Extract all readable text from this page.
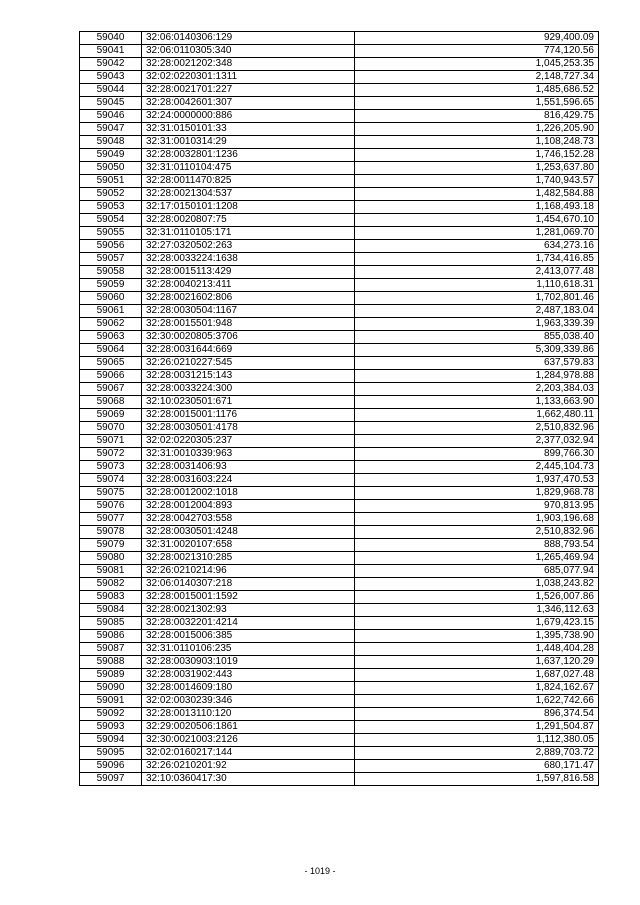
59040	32:06:0140306:129	929,400.09
59041	32:06:0110305:340	774,120.56
59042	32:28:0021202:348	1,045,253.35
59043	32:02:0220301:1311	2,148,727.34
59044	32:28:0021701:227	1,485,686.52
59045	32:28:0042601:307	1,551,596.65
59046	32:24:0000000:886	816,429.75
59047	32:31:0150101:33	1,226,205.90
59048	32:31:0010314:29	1,108,248.73
59049	32:28:0032801:1236	1,746,152.28
59050	32:31:0110104:475	1,253,637.80
59051	32:28:0011470:825	1,740,943.57
59052	32:28:0021304:537	1,482,584.88
59053	32:17:0150101:1208	1,168,493.18
59054	32:28:0020807:75	1,454,670.10
59055	32:31:0110105:171	1,281,069.70
59056	32:27:0320502:263	634,273.16
59057	32:28:0033224:1638	1,734,416.85
59058	32:28:0015113:429	2,413,077.48
59059	32:28:0040213:411	1,110,618.31
59060	32:28:0021602:806	1,702,801.46
59061	32:28:0030504:1167	2,487,183.04
59062	32:28:0015501:948	1,963,339.39
59063	32:30:0020805:3706	855,038.40
59064	32:28:0031644:669	5,309,339.86
59065	32:26:0210227:545	637,579.83
59066	32:28:0031215:143	1,284,978.88
59067	32:28:0033224:300	2,203,384.03
59068	32:10:0230501:671	1,133,663.90
59069	32:28:0015001:1176	1,662,480.11
59070	32:28:0030501:4178	2,510,832.96
59071	32:02:0220305:237	2,377,032.94
59072	32:31:0010339:963	899,766.30
59073	32:28:0031406:93	2,445,104.73
59074	32:28:0031603:224	1,937,470.53
59075	32:28:0012002:1018	1,829,968.78
59076	32:28:0012004:893	970,813.95
59077	32:28:0042703:558	1,903,196.68
59078	32:28:0030501:4248	2,510,832.96
59079	32:31:0020107:658	888,793.54
59080	32:28:0021310:285	1,265,469.94
59081	32:26:0210214:96	685,077.94
59082	32:06:0140307:218	1,038,243.82
59083	32:28:0015001:1592	1,526,007.86
59084	32:28:0021302:93	1,346,112.63
59085	32:28:0032201:4214	1,679,423.15
59086	32:28:0015006:385	1,395,738.90
59087	32:31:0110106:235	1,448,404.28
59088	32:28:0030903:1019	1,637,120.29
59089	32:28:0031902:443	1,687,027.48
59090	32:28:0014609:180	1,824,162.67
59091	32:02:0030239:346	1,622,742.66
59092	32:28:0013110:120	896,374.54
59093	32:29:0020506:1861	1,291,504.87
59094	32:30:0021003:2126	1,112,380.05
59095	32:02:0160217:144	2,889,703.72
59096	32:26:0210201:92	680,171.47
59097	32:10:0360417:30	1,597,816.58
- 1019 -
